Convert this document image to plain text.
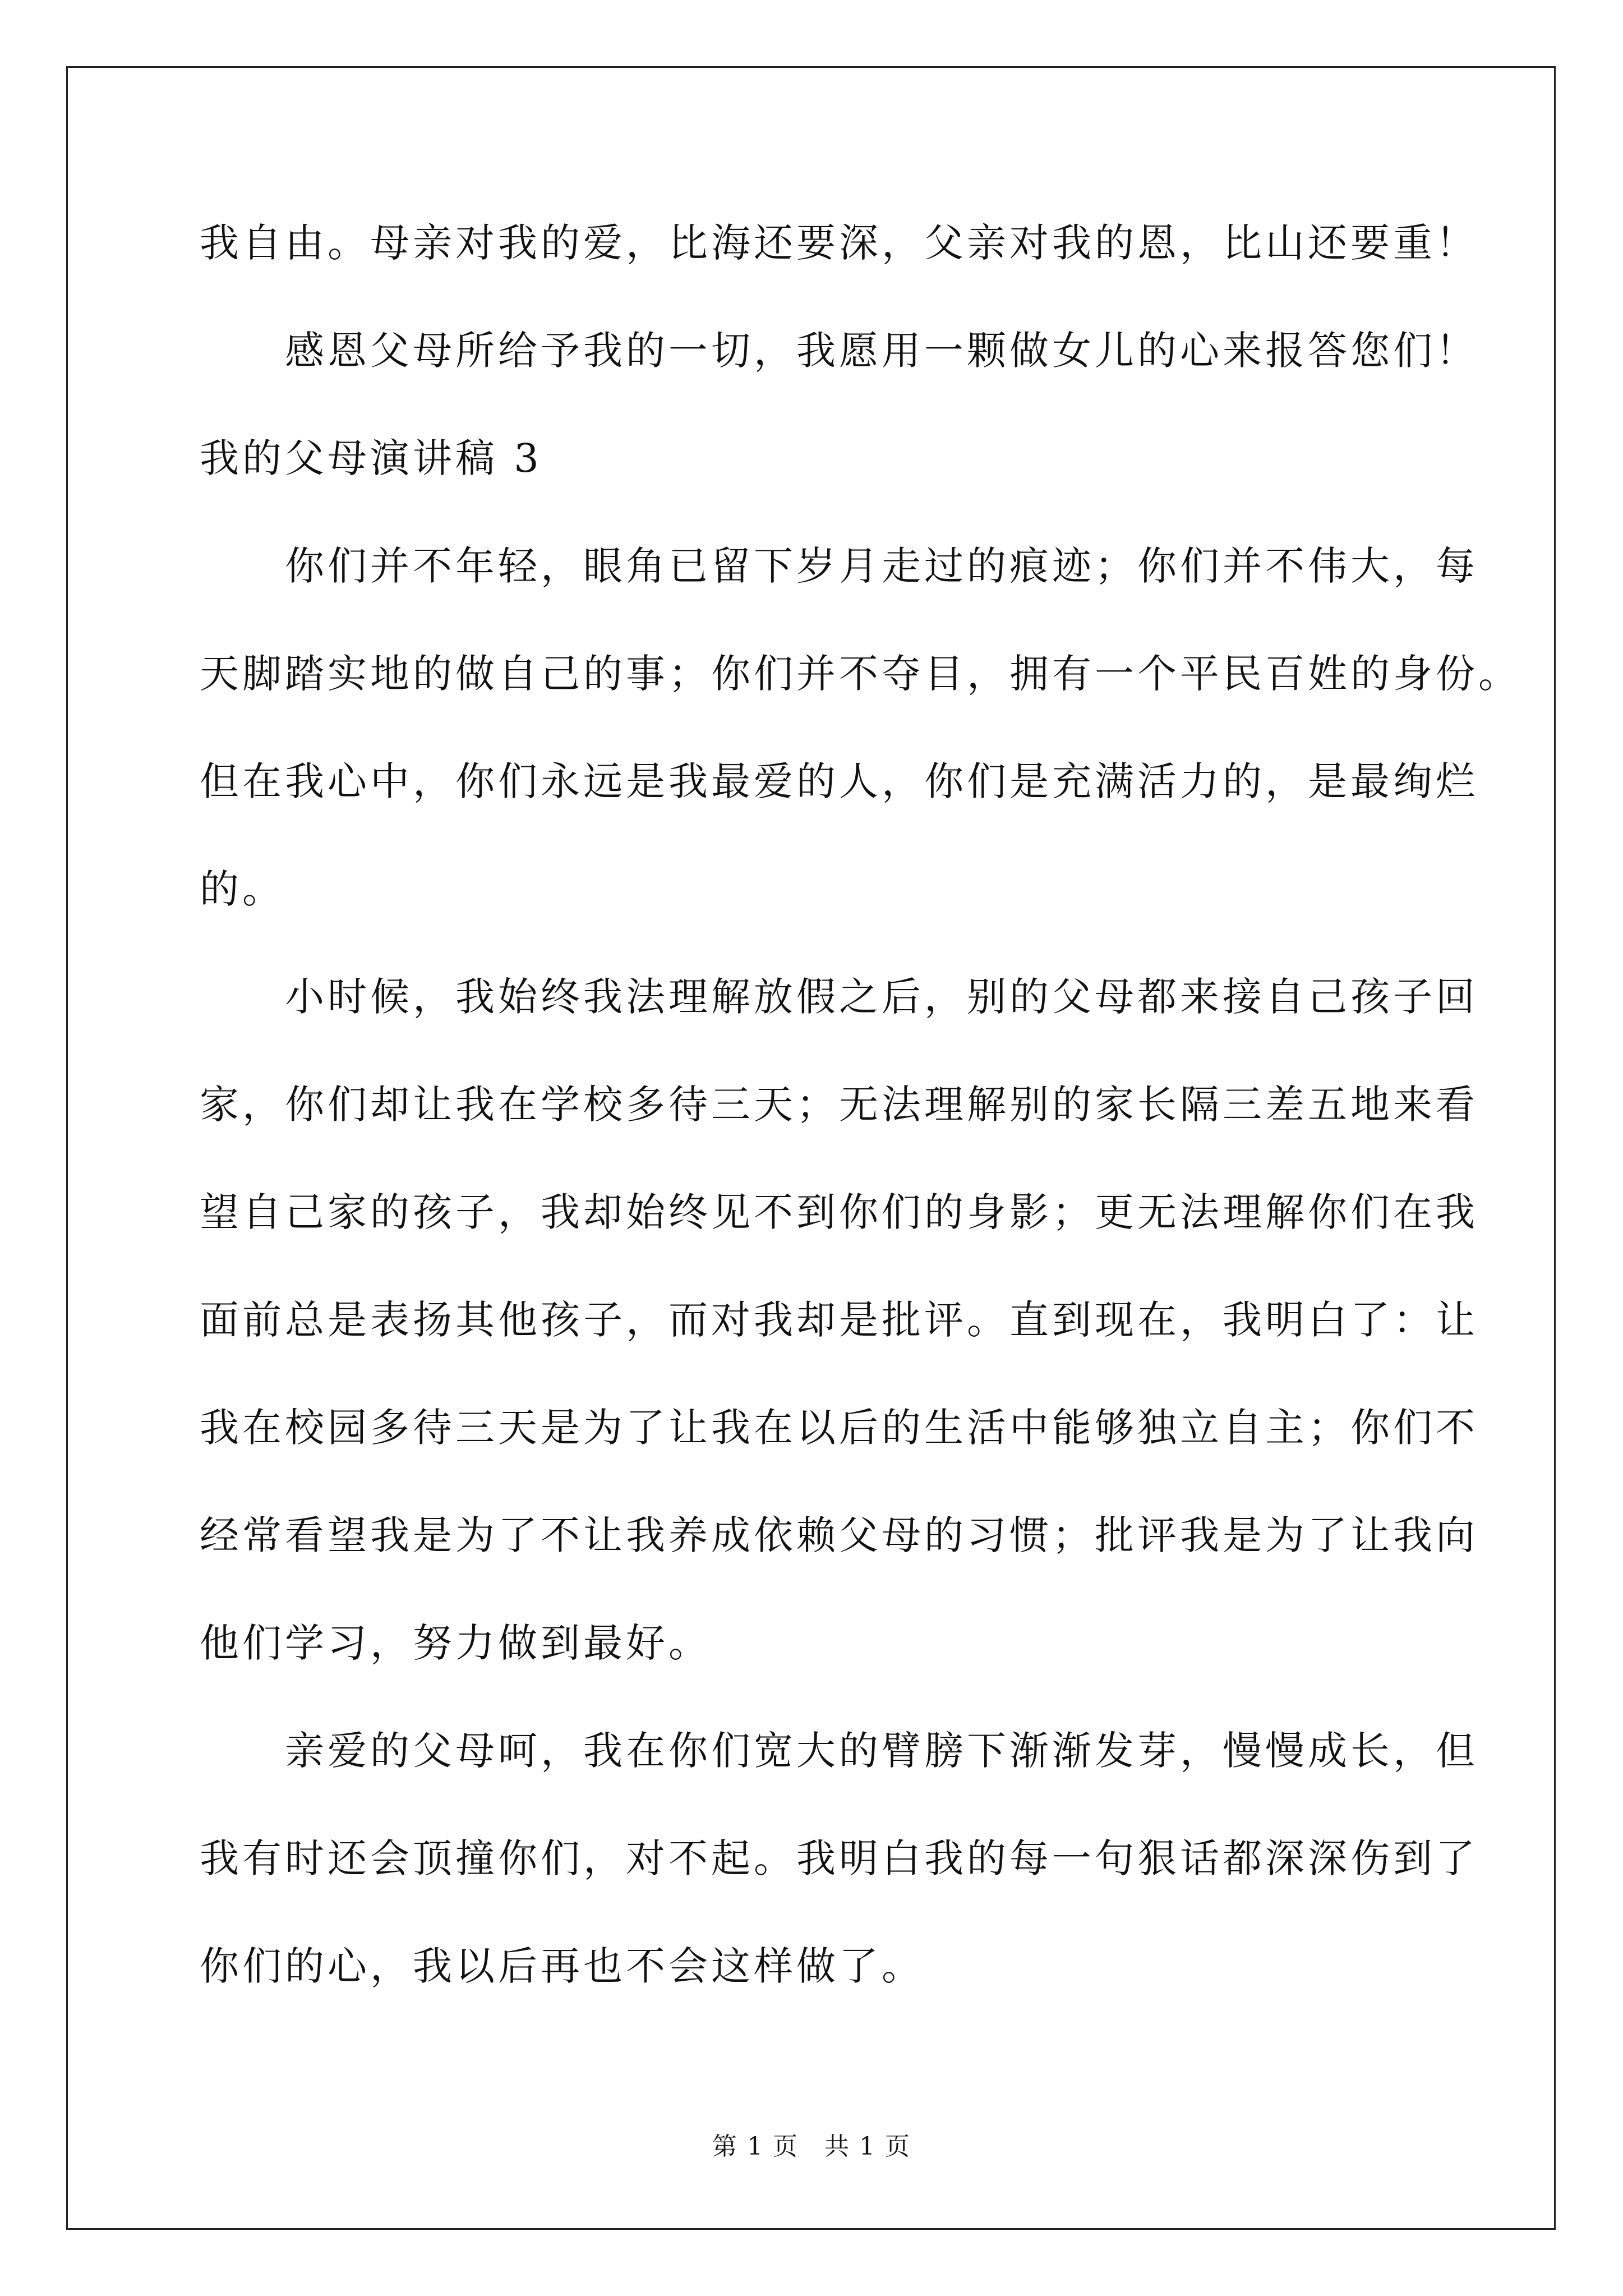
我自由。母亲对我的爱，比海还要深，父亲对我的恩，比山还要重！
　　感恩父母所给予我的一切，我愿用一颗做女儿的心来报答您们！
我的父母演讲稿 3
　　你们并不年轻，眼角已留下岁月走过的痕迹；你们并不伟大，每
天脚踏实地的做自己的事；你们并不夺目，拥有一个平民百姓的身份。
但在我心中，你们永远是我最爱的人，你们是充满活力的，是最绚烂
的。
　　小时候，我始终我法理解放假之后，别的父母都来接自己孩子回
家，你们却让我在学校多待三天；无法理解别的家长隔三差五地来看
望自己家的孩子，我却始终见不到你们的身影；更无法理解你们在我
面前总是表扬其他孩子，而对我却是批评。直到现在，我明白了：让
我在校园多待三天是为了让我在以后的生活中能够独立自主；你们不
经常看望我是为了不让我养成依赖父母的习惯；批评我是为了让我向
他们学习，努力做到最好。
　　亲爱的父母呵，我在你们宽大的臂膀下渐渐发芽，慢慢成长，但
我有时还会顶撞你们，对不起。我明白我的每一句狠话都深深伤到了
你们的心，我以后再也不会这样做了。
第 1 页　共 1 页
